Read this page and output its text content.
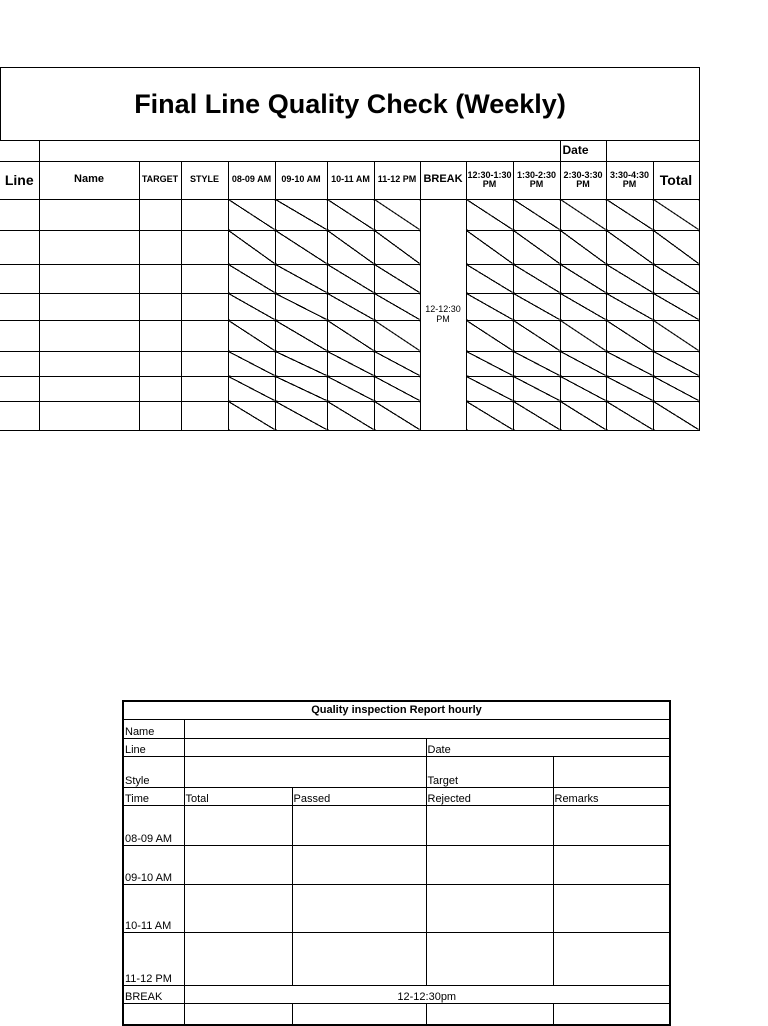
Final Line Quality Check (Weekly)
											Date		
Line	Name	TARGET	STYLE	08-09 AM	09-10 AM	10-11 AM	11-12 PM	BREAK	12:30-1:30 PM	1:30-2:30 PM	2:30-3:30 PM	3:30-4:30 PM	Total
								12-12:30 PM					

Quality inspection Report hourly				
Name				
Line			Date	
Style			Target	
Time	Total	Passed	Rejected	Remarks
08-09 AM				
09-10 AM				
10-11 AM				
11-12 PM				
BREAK	12-12:30pm			
